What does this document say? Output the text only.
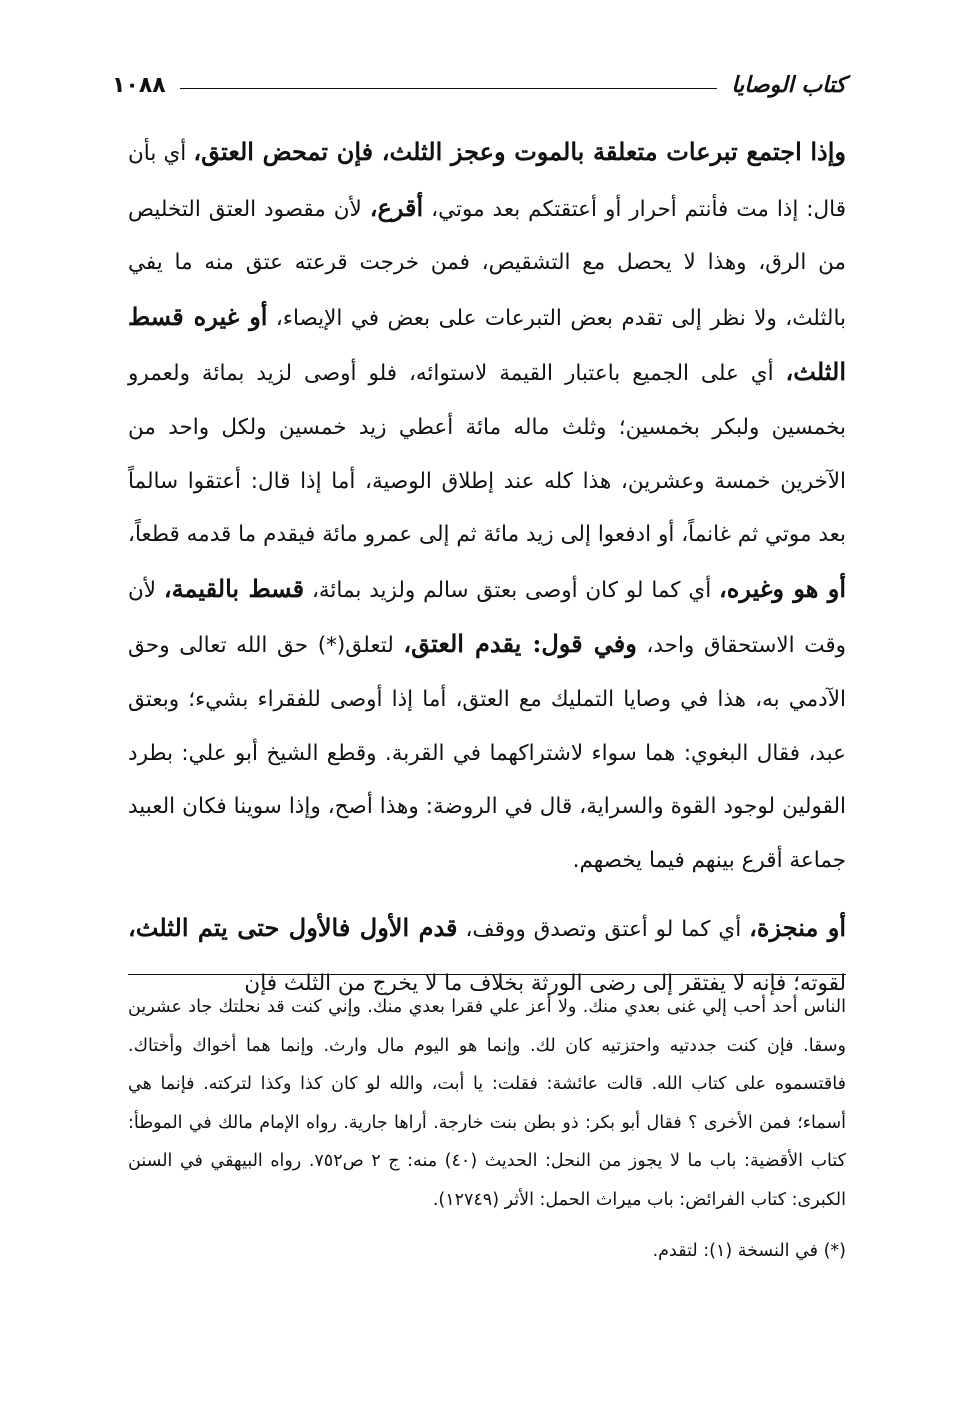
كتاب الوصايا
١٠٨٨

وإذا اجتمع تبرعات متعلقة بالموت وعجز الثلث، فإن تمحض العتق، أي بأن قال: إذا مت فأنتم أحرار أو أعتقتكم بعد موتي، أقرع، لأن مقصود العتق التخليص من الرق، وهذا لا يحصل مع التشقيص، فمن خرجت قرعته عتق منه ما يفي بالثلث، ولا نظر إلى تقدم بعض التبرعات على بعض في الإيصاء، أو غيره قسط الثلث، أي على الجميع باعتبار القيمة لاستوائه، فلو أوصى لزيد بمائة ولعمرو بخمسين ولبكر بخمسين؛ وثلث ماله مائة أعطي زيد خمسين ولكل واحد من الآخرين خمسة وعشرين، هذا كله عند إطلاق الوصية، أما إذا قال: أعتقوا سالماً بعد موتي ثم غانماً، أو ادفعوا إلى زيد مائة ثم إلى عمرو مائة فيقدم ما قدمه قطعاً، أو هو وغيره، أي كما لو كان أوصى بعتق سالم ولزيد بمائة، قسط بالقيمة، لأن وقت الاستحقاق واحد، وفي قول: يقدم العتق، لتعلق(*) حق الله تعالى وحق الآدمي به، هذا في وصايا التمليك مع العتق، أما إذا أوصى للفقراء بشيء؛ وبعتق عبد، فقال البغوي: هما سواء لاشتراكهما في القربة. وقطع الشيخ أبو علي: بطرد القولين لوجود القوة والسراية، قال في الروضة: وهذا أصح، وإذا سوينا فكان العبيد جماعة أقرع بينهم فيما يخصهم.

أو منجزة، أي كما لو أعتق وتصدق ووقف، قدم الأول فالأول حتى يتم الثلث، لقوته؛ فإنه لا يفتقر إلى رضى الورثة بخلاف ما لا يخرج من الثلث فإن

الناس أحد أحب إلي غنى بعدي منك. ولا أعز علي فقرا بعدي منك. وإني كنت قد نحلتك جاد عشرين وسقا. فإن كنت جددتيه واحتزتيه كان لك. وإنما هو اليوم مال وارث. وإنما هما أخواك وأختاك. فاقتسموه على كتاب الله. قالت عائشة: فقلت: يا أبت، والله لو كان كذا وكذا لتركته. فإنما هي أسماء؛ فمن الأخرى ؟ فقال أبو بكر: ذو بطن بنت خارجة. أراها جارية. رواه الإمام مالك في الموطأ: كتاب الأقضية: باب ما لا يجوز من النحل: الحديث (٤٠) منه: ج ٢ ص٧٥٢. رواه البيهقي في السنن الكبرى: كتاب الفرائض: باب ميراث الحمل: الأثر (١٢٧٤٩).

(*) في النسخة (١): لتقدم.
